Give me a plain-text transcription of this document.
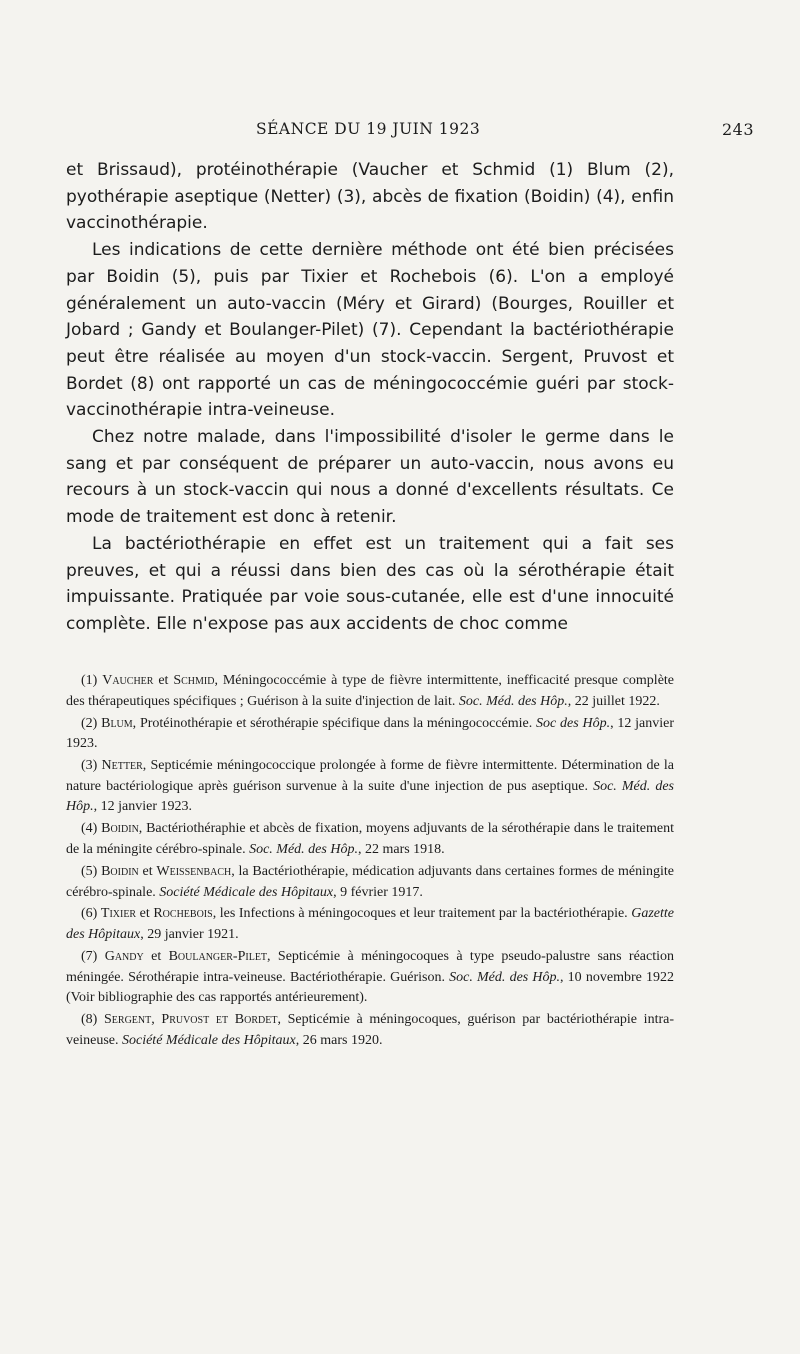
SÉANCE DU 19 JUIN 1923	243

et Brissaud), protéinothérapie (Vaucher et Schmid (1) Blum (2), pyothérapie aseptique (Netter) (3), abcès de fixation (Boidin) (4), enfin vaccinothérapie.

Les indications de cette dernière méthode ont été bien précisées par Boidin (5), puis par Tixier et Rochebois (6). L'on a employé généralement un auto-vaccin (Méry et Girard) (Bourges, Rouiller et Jobard ; Gandy et Boulanger-Pilet) (7). Cependant la bactériothérapie peut être réalisée au moyen d'un stock-vaccin. Sergent, Pruvost et Bordet (8) ont rapporté un cas de méningococcémie guéri par stock-vaccinothérapie intra-veineuse.

Chez notre malade, dans l'impossibilité d'isoler le germe dans le sang et par conséquent de préparer un auto-vaccin, nous avons eu recours à un stock-vaccin qui nous a donné d'excellents résultats. Ce mode de traitement est donc à retenir.

La bactériothérapie en effet est un traitement qui a fait ses preuves, et qui a réussi dans bien des cas où la sérothérapie était impuissante. Pratiquée par voie sous-cutanée, elle est d'une innocuité complète. Elle n'expose pas aux accidents de choc comme

(1) Vaucher et Schmid, Méningococcémie à type de fièvre intermittente, inefficacité presque complète des thérapeutiques spécifiques ; Guérison à la suite d'injection de lait. Soc. Méd. des Hôp., 22 juillet 1922.

(2) Blum, Protéinothérapie et sérothérapie spécifique dans la méningococcémie. Soc des Hôp., 12 janvier 1923.

(3) Netter, Septicémie méningococcique prolongée à forme de fièvre intermittente. Détermination de la nature bactériologique après guérison survenue à la suite d'une injection de pus aseptique. Soc. Méd. des Hôp., 12 janvier 1923.

(4) Boidin, Bactériothéraphie et abcès de fixation, moyens adjuvants de la sérothérapie dans le traitement de la méningite cérébro-spinale. Soc. Méd. des Hôp., 22 mars 1918.

(5) Boidin et Weissenbach, la Bactériothérapie, médication adjuvants dans certaines formes de méningite cérébro-spinale. Société Médicale des Hôpitaux, 9 février 1917.

(6) Tixier et Rochebois, les Infections à méningocoques et leur traitement par la bactériothérapie. Gazette des Hôpitaux, 29 janvier 1921.

(7) Gandy et Boulanger-Pilet, Septicémie à méningocoques à type pseudo-palustre sans réaction méningée. Sérothérapie intra-veineuse. Bactériothérapie. Guérison. Soc. Méd. des Hôp., 10 novembre 1922 (Voir bibliographie des cas rapportés antérieurement).

(8) Sergent, Pruvost et Bordet, Septicémie à méningocoques, guérison par bactériothérapie intra-veineuse. Société Médicale des Hôpitaux, 26 mars 1920.
